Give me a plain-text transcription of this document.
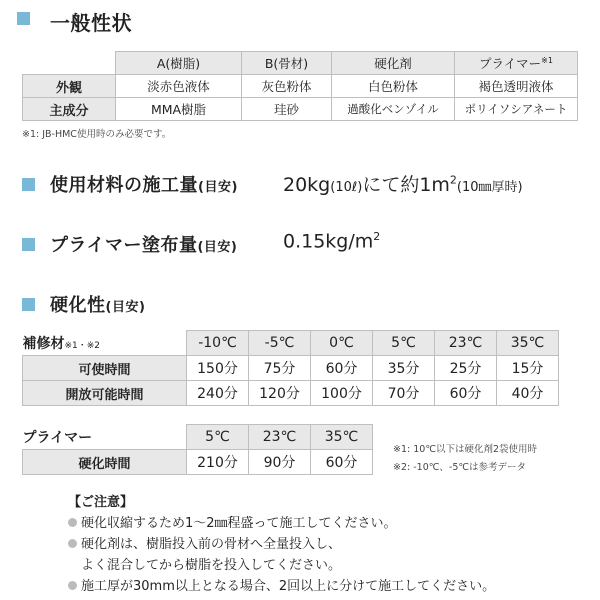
一般性状
	A(樹脂)	B(骨材)	硬化剤	プライマー$^{※1}$
外観	淡赤色液体	灰色粉体	白色粉体	褐色透明液体
主成分	MMA樹脂	珪砂	過酸化ベンゾイル	ポリイソシアネート
※1: JB-HMC使用時のみ必要です。
使用材料の施工量(目安) 20kg(10ℓ)にて約$1m^2(10㎜$厚時)
プライマー塗布量(目安) $0.15kg/m^2$
硬化性(目安)
補修材※1・※2	-10℃	-5℃	0℃	5℃	23℃	35℃
可使時間	150分	75分	60分	35分	25分	15分
開放可能時間	240分	120分	100分	70分	60分	40分
プライマー	5℃	23℃	35℃
硬化時間	210分	90分	60分
※1: 10℃以下は硬化剤2袋使用時
※2: -10℃、-5℃は参考データ
【ご注意】
硬化収縮するため1～2㎜程盛って施工してください。
硬化剤は、樹脂投入前の骨材へ全量投入し、
よく混合してから樹脂を投入してください。
施工厚が30mm以上となる場合、2回以上に分けて施工してください。
